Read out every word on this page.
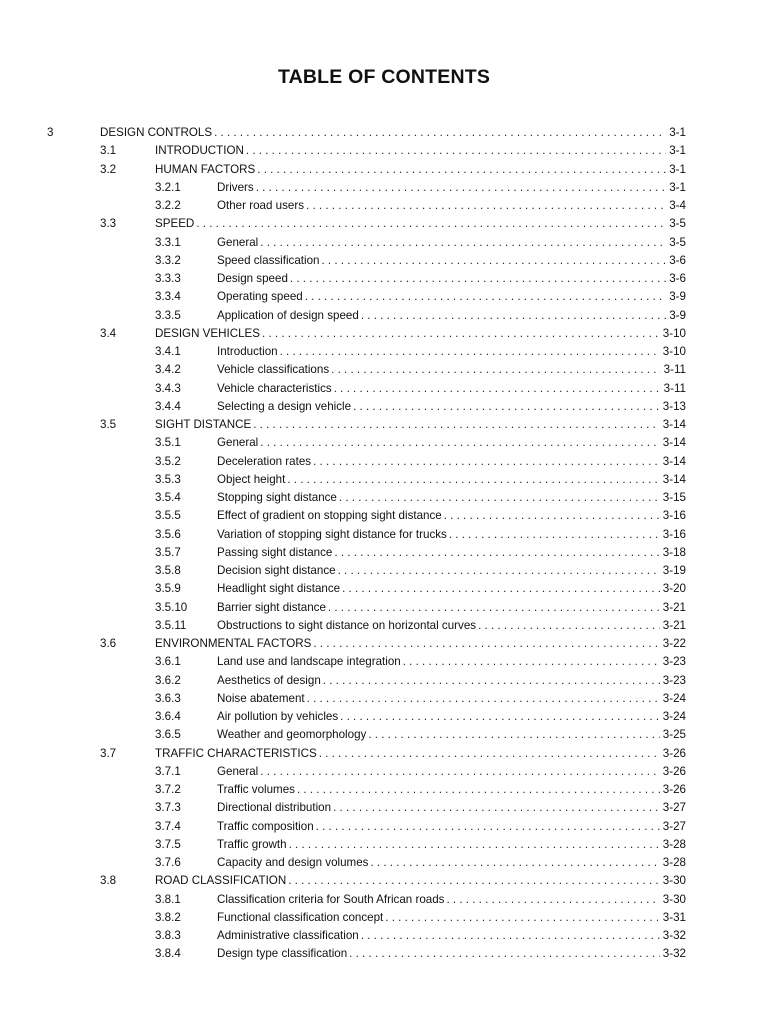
TABLE OF CONTENTS
3	DESIGN CONTROLS . . .	3-1
3.1	INTRODUCTION . . .	3-1
3.2	HUMAN FACTORS . . .	3-1
3.2.1	Drivers . . .	3-1
3.2.2	Other road users . . .	3-4
3.3	SPEED . . .	3-5
3.3.1	General . . .	3-5
3.3.2	Speed classification . . .	3-6
3.3.3	Design speed . . .	3-6
3.3.4	Operating speed . . .	3-9
3.3.5	Application of design speed . . .	3-9
3.4	DESIGN VEHICLES . . .	3-10
3.4.1	Introduction . . .	3-10
3.4.2	Vehicle classifications . . .	3-11
3.4.3	Vehicle characteristics . . .	3-11
3.4.4	Selecting a design vehicle . . .	3-13
3.5	SIGHT DISTANCE . . .	3-14
3.5.1	General . . .	3-14
3.5.2	Deceleration rates . . .	3-14
3.5.3	Object height . . .	3-14
3.5.4	Stopping sight distance . . .	3-15
3.5.5	Effect of gradient on stopping sight distance . . .	3-16
3.5.6	Variation of stopping sight distance for trucks . . .	3-16
3.5.7	Passing sight distance . . .	3-18
3.5.8	Decision sight distance . . .	3-19
3.5.9	Headlight sight distance . . .	3-20
3.5.10	Barrier sight distance . . .	3-21
3.5.11	Obstructions to sight distance on horizontal curves . . .	3-21
3.6	ENVIRONMENTAL FACTORS . . .	3-22
3.6.1	Land use and landscape integration . . .	3-23
3.6.2	Aesthetics of design . . .	3-23
3.6.3	Noise abatement . . .	3-24
3.6.4	Air pollution by vehicles . . .	3-24
3.6.5	Weather and geomorphology . . .	3-25
3.7	TRAFFIC CHARACTERISTICS . . .	3-26
3.7.1	General . . .	3-26
3.7.2	Traffic volumes . . .	3-26
3.7.3	Directional distribution . . .	3-27
3.7.4	Traffic composition . . .	3-27
3.7.5	Traffic growth . . .	3-28
3.7.6	Capacity and design volumes . . .	3-28
3.8	ROAD CLASSIFICATION . . .	3-30
3.8.1	Classification criteria for South African roads . . .	3-30
3.8.2	Functional classification concept . . .	3-31
3.8.3	Administrative classification . . .	3-32
3.8.4	Design type classification . . .	3-32
